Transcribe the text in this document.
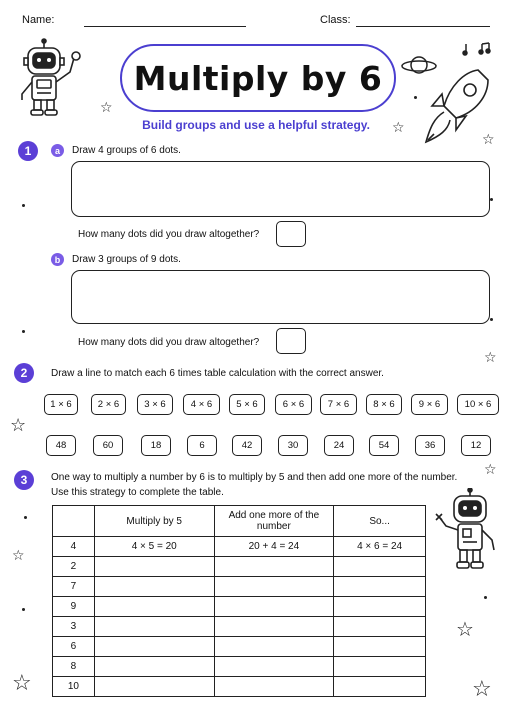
Name:	Class:
☆
☆
☆
☆
☆
☆
☆
☆
☆	☆
Multiply by 6
Build groups and use a helpful strategy.
1	a	Draw 4 groups of 6 dots.
How many dots did you draw altogether?
b	Draw 3 groups of 9 dots.
How many dots did you draw altogether?
2	Draw a line to match each 6 times table calculation with the correct answer.
1 × 6	2 × 6	3 × 6	4 × 6	5 × 6	6 × 6	7 × 6	8 × 6	9 × 6	10 × 6
48	60	18	6	42	30	24	54	36	12
3	One way to multiply a number by 6 is to multiply by 5 and then add one more of the number.
Use this strategy to complete the table.
	Multiply by 5	Add one more of the number	So...
4	4 × 5 = 20	20 + 4 = 24	4 × 6 = 24
2			
7			
9			
3			
6			
8			
10			
